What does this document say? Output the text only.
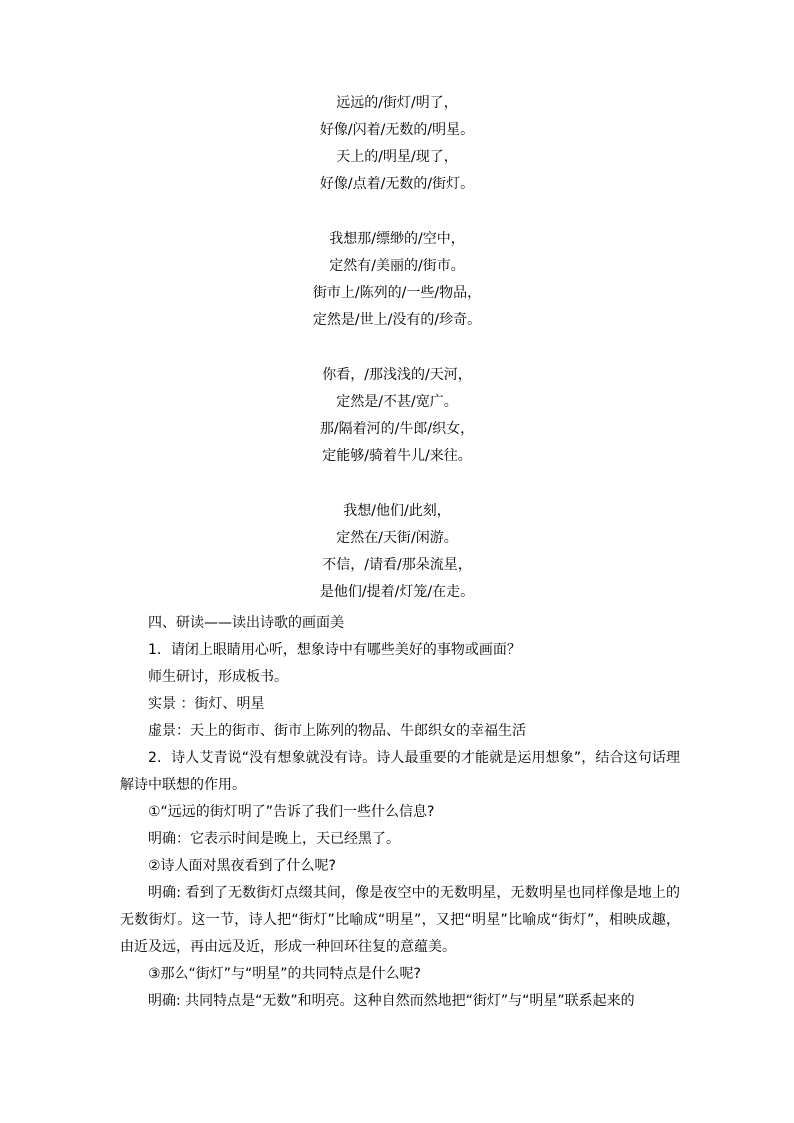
远远的/街灯/明了，
好像/闪着/无数的/明星。
天上的/明星/现了，
好像/点着/无数的/街灯。
我想那/缥缈的/空中，
定然有/美丽的/街市。
街市上/陈列的/一些/物品，
定然是/世上/没有的/珍奇。
你看，/那浅浅的/天河，
定然是/不甚/宽广。
那/隔着河的/牛郎/织女，
定能够/骑着牛儿/来往。
我想/他们/此刻，
定然在/天街/闲游。
不信，/请看/那朵流星，
是他们/提着/灯笼/在走。
四、研读——读出诗歌的画面美
1．请闭上眼睛用心听，想象诗中有哪些美好的事物或画面？
师生研讨，形成板书。
实景 ：街灯、明星
虚景：天上的街市、街市上陈列的物品、牛郎织女的幸福生活
2．诗人艾青说“没有想象就没有诗。诗人最重要的才能就是运用想象”，结合这句话理解诗中联想的作用。
①“远远的街灯明了”告诉了我们一些什么信息?
明确：它表示时间是晚上，天已经黑了。
②诗人面对黑夜看到了什么呢?
明确: 看到了无数街灯点缀其间，像是夜空中的无数明星，无数明星也同样像是地上的无数街灯。这一节，诗人把“街灯”比喻成“明星”，又把“明星”比喻成“街灯”，相映成趣，由近及远，再由远及近，形成一种回环往复的意蕴美。
③那么“街灯”与“明星”的共同特点是什么呢?
明确: 共同特点是“无数”和明亮。这种自然而然地把“街灯”与“明星”联系起来的
